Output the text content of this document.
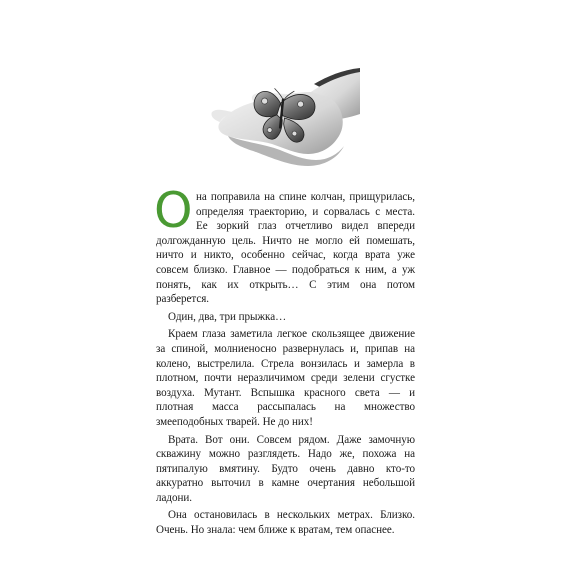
Она поправила на спине колчан, прищурилась, определяя траекторию, и сорвалась с места. Ее зоркий глаз отчетливо видел впереди долгожданную цель. Ничто не могло ей помешать, ничто и никто, особенно сейчас, когда врата уже совсем близко. Главное — подобраться к ним, а уж понять, как их открыть… С этим она потом разберется.

Один, два, три прыжка…

Краем глаза заметила легкое скользящее движение за спиной, молниеносно развернулась и, припав на колено, выстрелила. Стрела вонзилась и замерла в плотном, почти неразличимом среди зелени сгустке воздуха. Мутант. Вспышка красного света — и плотная масса рассыпалась на множество змееподобных тварей. Не до них!

Врата. Вот они. Совсем рядом. Даже замочную скважину можно разглядеть. Надо же, похожа на пятипалую вмятину. Будто очень давно кто-то аккуратно выточил в камне очертания небольшой ладони.

Она остановилась в нескольких метрах. Близко. Очень. Но знала: чем ближе к вратам, тем опаснее.
